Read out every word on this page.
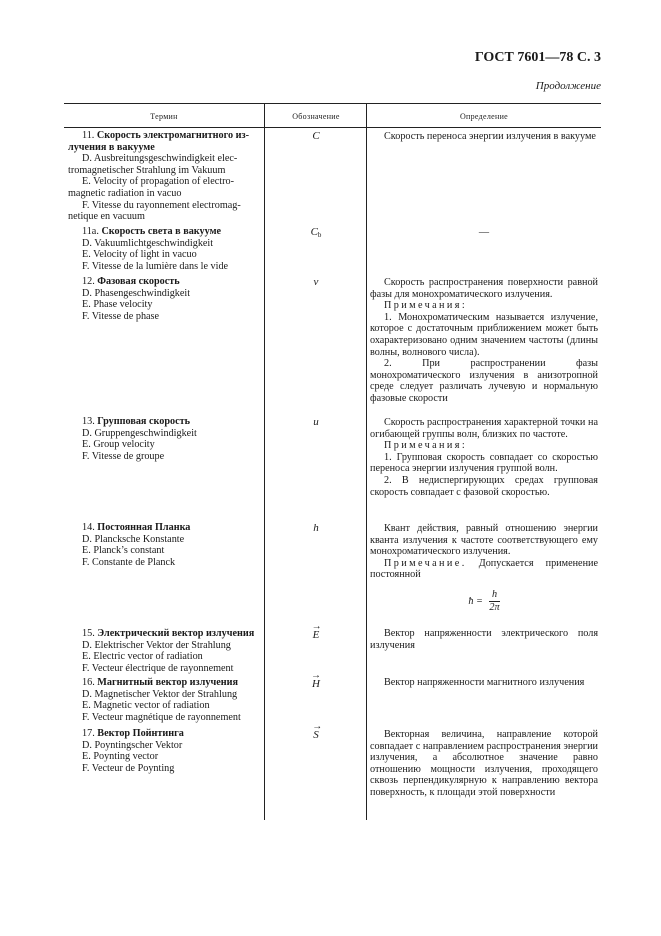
ГОСТ 7601—78 С. 3
Продолжение
Термин	Обозначение	Определение
11. Скорость электромагнитного из-
лучения в вакууме
D. Ausbreitungsgeschwindigkeit elec-
tromagnetischer Strahlung im Vakuum
E. Velocity of propagation of electro-
magnetic radiation in vacuo
F. Vitesse du rayonnement electromag-
netique en vacuum
C	Скорость переноса энергии излучения в вакууме

11a. Скорость света в вакууме
D. Vakuumlichtgeschwindigkeit
E. Velocity of light in vacuo
F. Vitesse de la lumière dans le vide
$C_b$	—
12. Фазовая скорость
D. Phasengeschwindigkeit
E. Phase velocity
F. Vitesse de phase
v	Скорость распространения поверхности равной фазы для монохроматического излучения.

Примечания:

1. Монохроматическим называется излучение, которое с достаточным приближением может быть охарактеризовано одним значением частоты (длины волны, волнового числа).

2. При распространении фазы монохроматического излучения в анизотропной среде следует различать лучевую и нормальную фазовые скорости

13. Групповая скорость
D. Gruppengeschwindigkeit
E. Group velocity
F. Vitesse de groupe
u	Скорость распространения характерной точки на огибающей группы волн, близких по частоте.

Примечания:

1. Групповая скорость совпадает со скоростью переноса энергии излучения группой волн.

2. В недиспергирующих средах групповая скорость совпадает с фазовой скоростью.

14. Постоянная Планка
D. Plancksche Konstante
E. Planck’s constant
F. Constante de Planck
h	Квант действия, равный отношению энергии кванта излучения к частоте соответствующего ему монохроматического излучения.

Примечание. Допускается применение постоянной

ħ = $\frac{h}{2\pi}$
15. Электрический вектор излучения
D. Elektrischer Vektor der Strahlung
E. Electric vector of radiation
F. Vecteur électrique de rayonnement
→
E	Вектор напряженности электрического поля излучения

16. Магнитный вектор излучения
D. Magnetischer Vektor der Strahlung
E. Magnetic vector of radiation
F. Vecteur magnétique de rayonnement
→
H	Вектор напряженности магнитного излучения

17. Вектор Пойнтинга
D. Poyntingscher Vektor
E. Poynting vector
F. Vecteur de Poynting
→
S	Векторная величина, направление которой совпадает с направлением распространения энергии излучения, а абсолютное значение равно отношению мощности излучения, проходящего сквозь перпендикулярную к направлению вектора поверхность, к площади этой поверхности
